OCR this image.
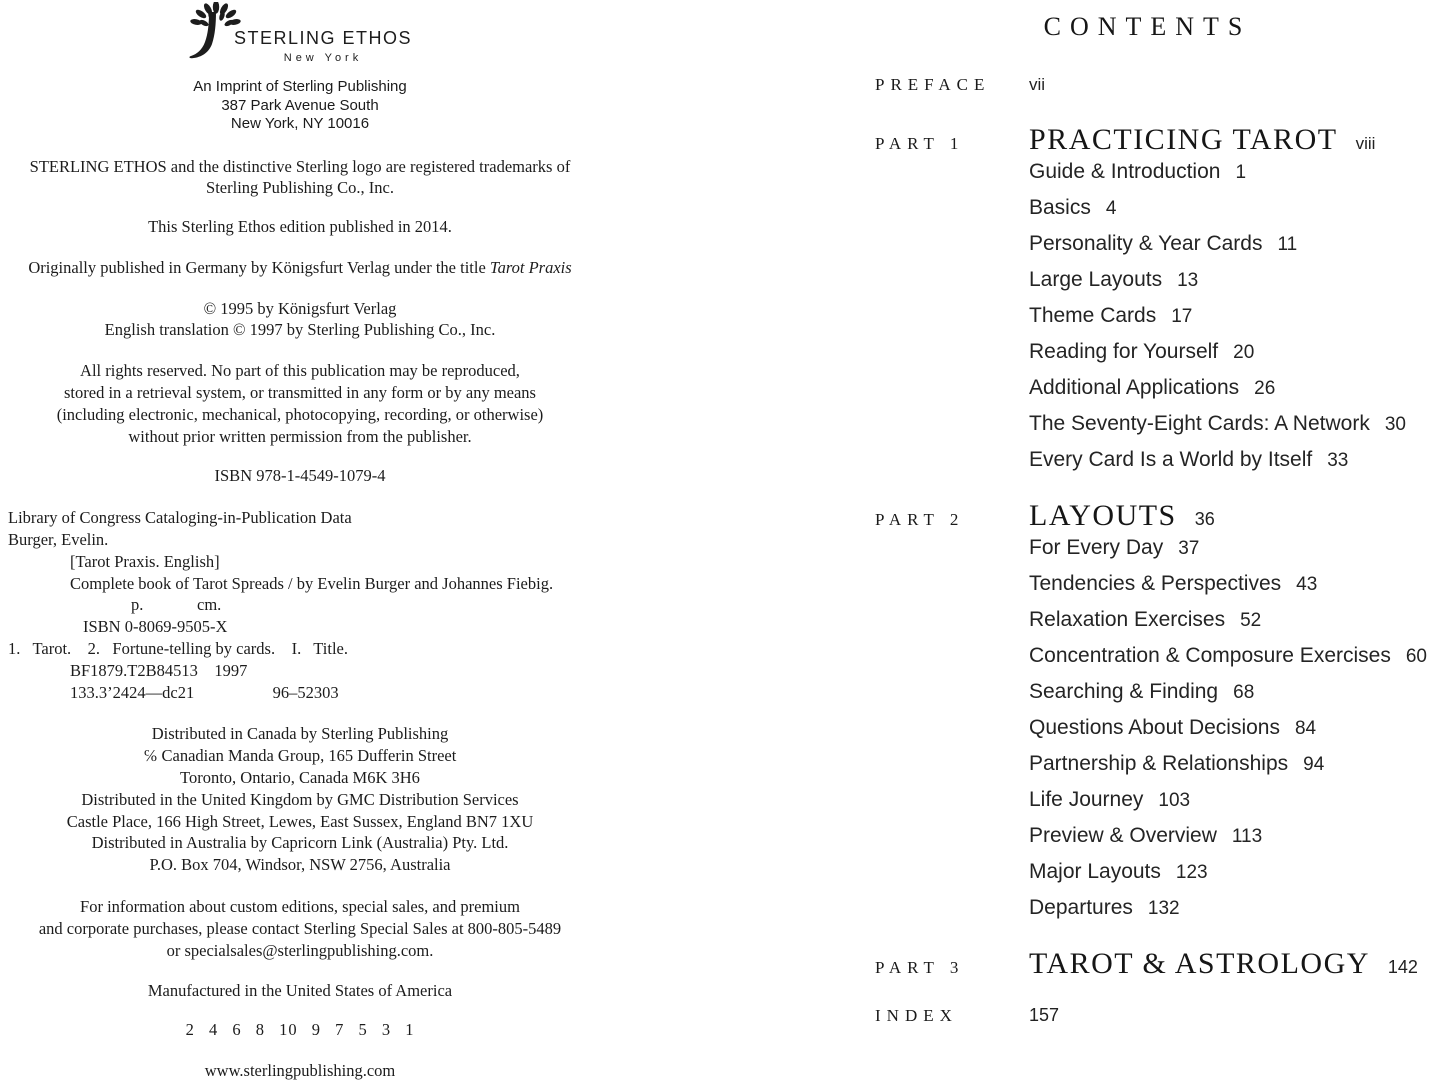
STERLING ETHOS
New York
An Imprint of Sterling Publishing
387 Park Avenue South
New York, NY 10016
STERLING ETHOS and the distinctive Sterling logo are registered trademarks of
Sterling Publishing Co., Inc.
This Sterling Ethos edition published in 2014.
Originally published in Germany by Königsfurt Verlag under the title Tarot Praxis
© 1995 by Königsfurt Verlag
English translation © 1997 by Sterling Publishing Co., Inc.
All rights reserved. No part of this publication may be reproduced,
stored in a retrieval system, or transmitted in any form or by any means
(including electronic, mechanical, photocopying, recording, or otherwise)
without prior written permission from the publisher.
ISBN 978-1-4549-1079-4
Library of Congress Cataloging-in-Publication Data
Burger, Evelin.
[Tarot Praxis. English]
Complete book of Tarot Spreads / by Evelin Burger and Johannes Fiebig.
p.             cm.
ISBN 0-8069-9505-X
1.   Tarot.    2.   Fortune-telling by cards.    I.   Title.
BF1879.T2B84513    1997
133.3’2424—dc21                   96–52303
Distributed in Canada by Sterling Publishing
℅ Canadian Manda Group, 165 Dufferin Street
Toronto, Ontario, Canada M6K 3H6
Distributed in the United Kingdom by GMC Distribution Services
Castle Place, 166 High Street, Lewes, East Sussex, England BN7 1XU
Distributed in Australia by Capricorn Link (Australia) Pty. Ltd.
P.O. Box 704, Windsor, NSW 2756, Australia
For information about custom editions, special sales, and premium
and corporate purchases, please contact Sterling Special Sales at 800-805-5489
or specialsales@sterlingpublishing.com.
Manufactured in the United States of America
2 4 6 8 10 9 7 5 3 1
www.sterlingpublishing.com
CONTENTS
PREFACE	vii
PART 1	PRACTICING TAROT viii
Guide & Introduction 1
Basics 4
Personality & Year Cards 11
Large Layouts 13
Theme Cards 17
Reading for Yourself 20
Additional Applications 26
The Seventy-Eight Cards: A Network 30
Every Card Is a World by Itself 33
PART 2	LAYOUTS 36
For Every Day 37
Tendencies & Perspectives 43
Relaxation Exercises 52
Concentration & Composure Exercises 60
Searching & Finding 68
Questions About Decisions 84
Partnership & Relationships 94
Life Journey 103
Preview & Overview 113
Major Layouts 123
Departures 132
PART 3	TAROT & ASTROLOGY 142
INDEX	157
